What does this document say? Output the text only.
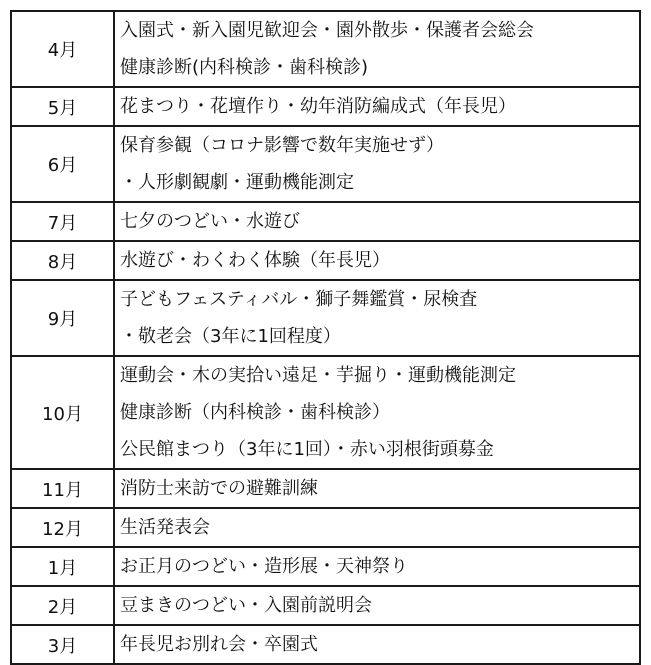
4月	入園式・新入園児歓迎会・園外散歩・保護者会総会
健康診断(内科検診・歯科検診)

5月	花まつり・花壇作り・幼年消防編成式（年長児）

6月	保育参観（コロナ影響で数年実施せず）
・人形劇観劇・運動機能測定

7月	七夕のつどい・水遊び

8月	水遊び・わくわく体験（年長児）

9月	子どもフェスティバル・獅子舞鑑賞・尿検査
・敬老会（3年に1回程度）

10月	運動会・木の実拾い遠足・芋掘り・運動機能測定
健康診断（内科検診・歯科検診）
公民館まつり（3年に1回）・赤い羽根街頭募金

11月	消防士来訪での避難訓練

12月	生活発表会

1月	お正月のつどい・造形展・天神祭り

2月	豆まきのつどい・入園前説明会

3月	年長児お別れ会・卒園式
